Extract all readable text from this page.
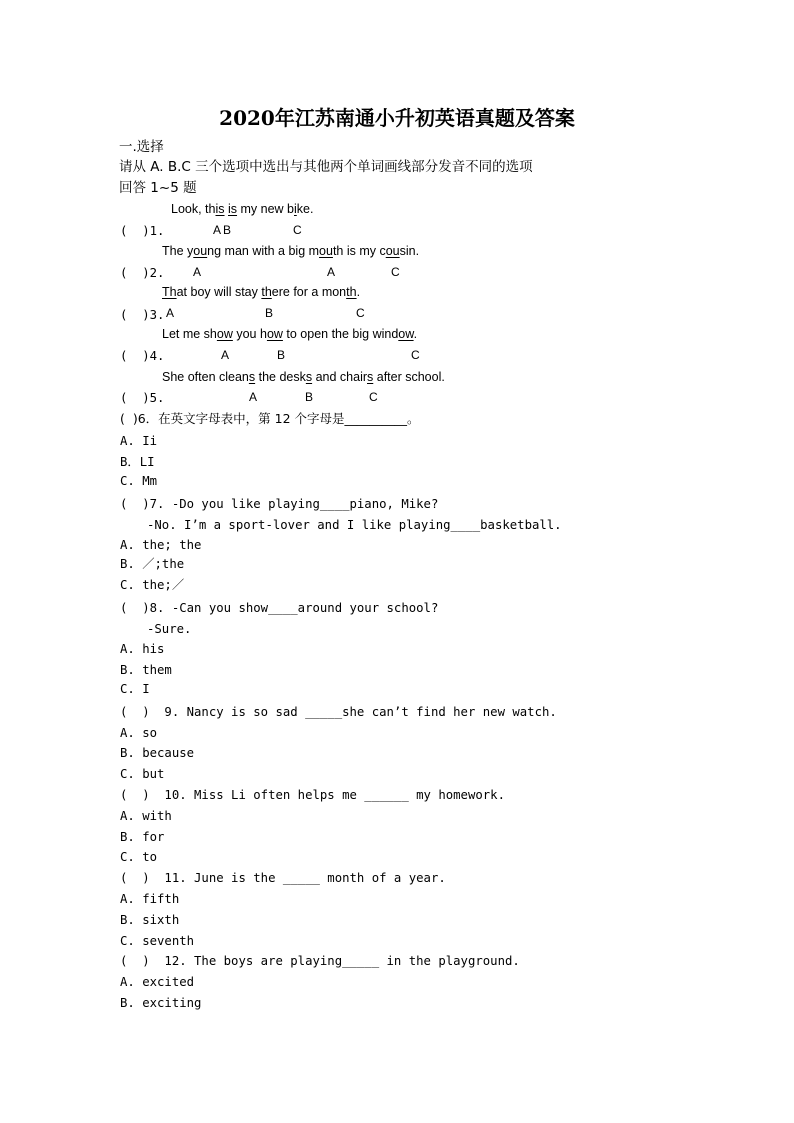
2020年江苏南通小升初英语真题及答案
一.选择
请从 A. B.C 三个选项中选出与其他两个单词画线部分发音不同的选项
回答 1~5 题
Look, this is my new bike.
(  )1.	A B	C
The young man with a big mouth is my cousin.
(  )2. A	A	C
That boy will stay there for a month.
(  )3. A	B	C
Let me show you how to open the big window.
(  )4.	A	B	C
She often cleans the desks and chairs after school.
(  )5.	A	B	C
(  )6．在英文字母表中，第 12 个字母是__________。
A. Ii
B．LI
C. Mm
(  )7. -Do you like playing____piano, Mike?
-No. I’m a sport-lover and I like playing____basketball.
A. the; the
B. ／;the
C. the;／
(  )8. -Can you show____around your school?
-Sure.
A. his
B. them
C. I
(  )  9. Nancy is so sad _____she can’t find her new watch.
A. so
B. because
C. but
(  )  10. Miss Li often helps me ______ my homework.
A. with
B. for
C. to
(  )  11. June is the _____ month of a year.
A. fifth
B. sixth
C. seventh
(  )  12. The boys are playing_____ in the playground.
A. excited
B. exciting
